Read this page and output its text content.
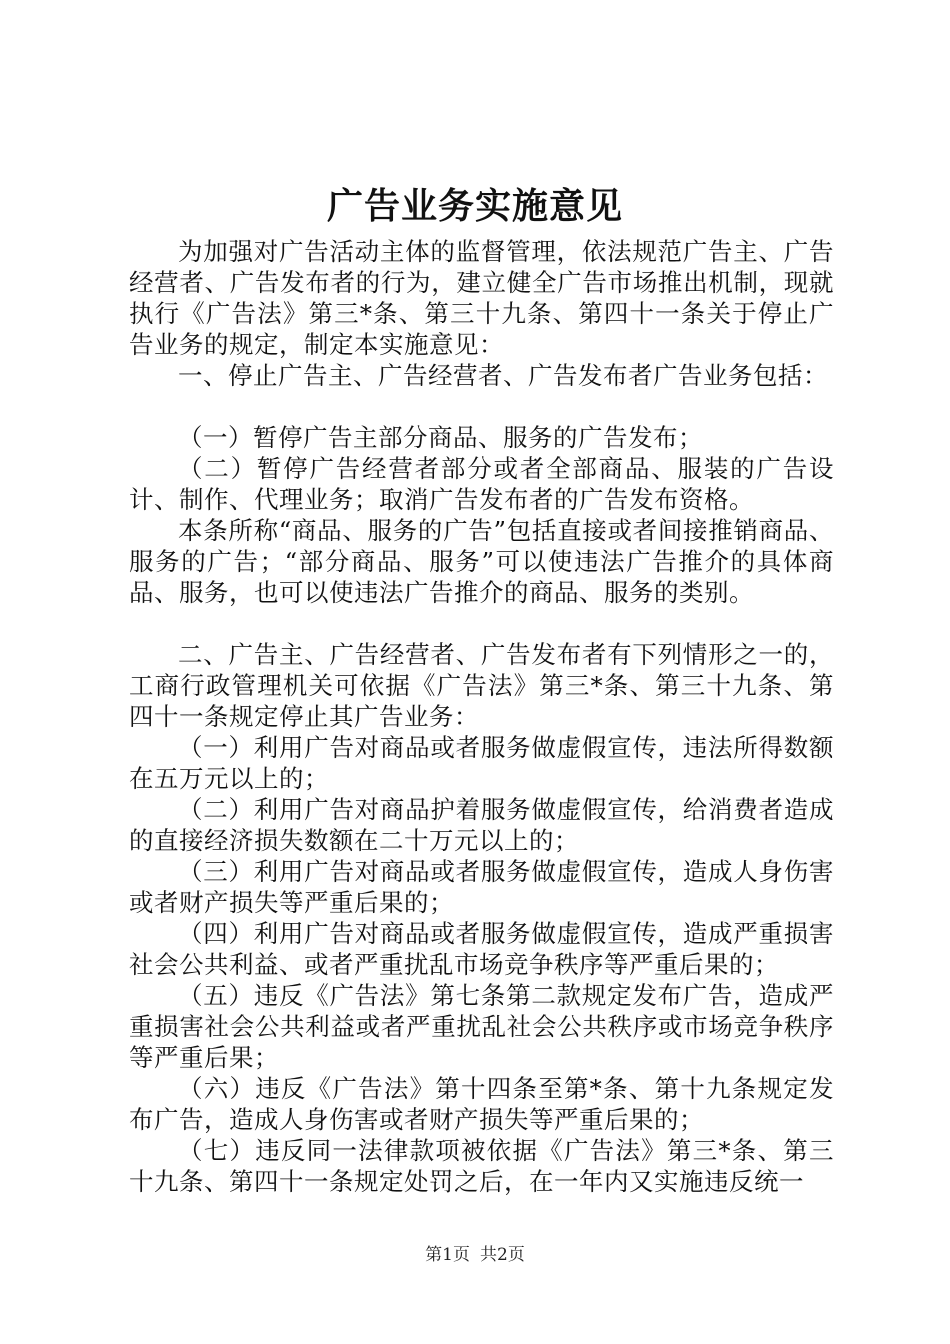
广告业务实施意见

为加强对广告活动主体的监督管理，依法规范广告主、广告经营者、广告发布者的行为，建立健全广告市场推出机制，现就执行《广告法》第三*条、第三十九条、第四十一条关于停止广告业务的规定，制定本实施意见：

一、停止广告主、广告经营者、广告发布者广告业务包括：

（一）暂停广告主部分商品、服务的广告发布；

（二）暂停广告经营者部分或者全部商品、服装的广告设计、制作、代理业务；取消广告发布者的广告发布资格。

本条所称“商品、服务的广告”包括直接或者间接推销商品、服务的广告；“部分商品、服务”可以使违法广告推介的具体商品、服务，也可以使违法广告推介的商品、服务的类别。

二、广告主、广告经营者、广告发布者有下列情形之一的，工商行政管理机关可依据《广告法》第三*条、第三十九条、第四十一条规定停止其广告业务：

（一）利用广告对商品或者服务做虚假宣传，违法所得数额在五万元以上的；

（二）利用广告对商品护着服务做虚假宣传，给消费者造成的直接经济损失数额在二十万元以上的；

（三）利用广告对商品或者服务做虚假宣传，造成人身伤害或者财产损失等严重后果的；

（四）利用广告对商品或者服务做虚假宣传，造成严重损害社会公共利益、或者严重扰乱市场竞争秩序等严重后果的；

（五）违反《广告法》第七条第二款规定发布广告，造成严重损害社会公共利益或者严重扰乱社会公共秩序或市场竞争秩序等严重后果；

（六）违反《广告法》第十四条至第*条、第十九条规定发布广告，造成人身伤害或者财产损失等严重后果的；

（七）违反同一法律款项被依据《广告法》第三*条、第三十九条、第四十一条规定处罚之后，在一年内又实施违反统一

第1页 共2页
